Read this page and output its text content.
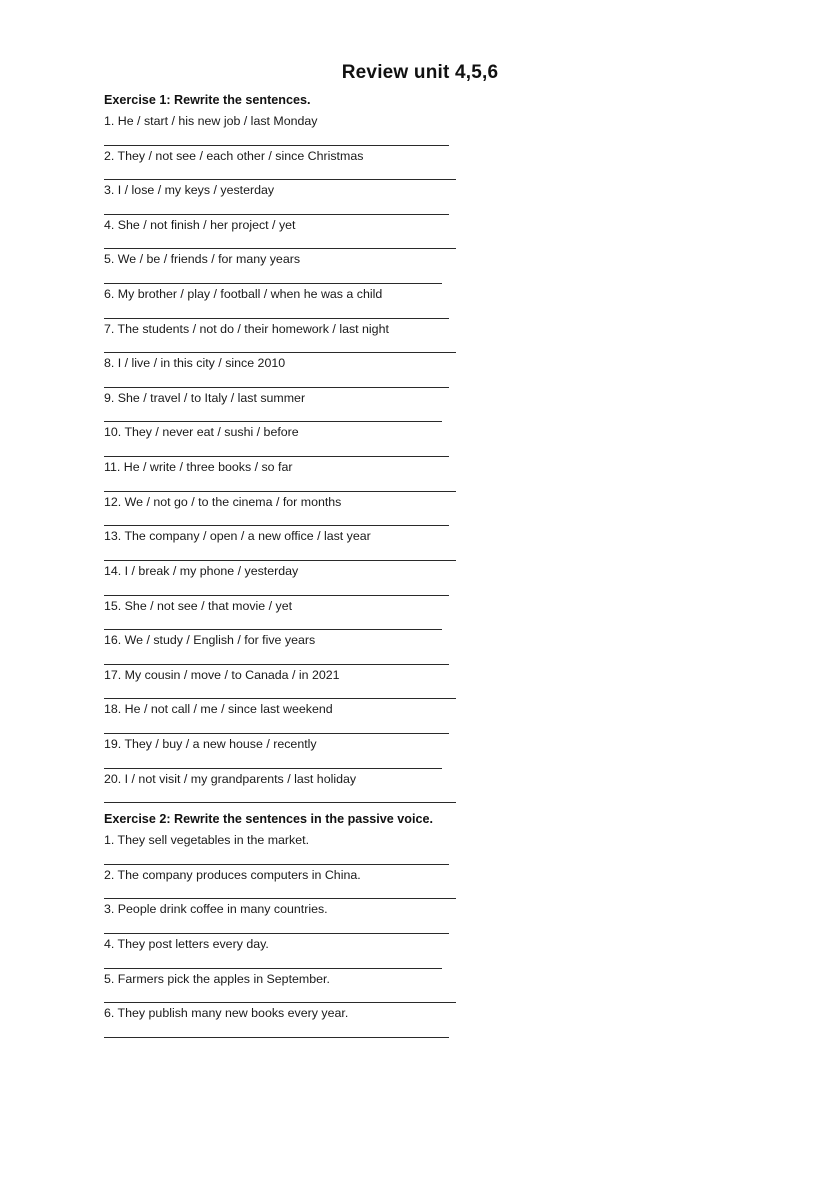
Review unit 4,5,6
Exercise 1: Rewrite the sentences.
1. He / start / his new job / last Monday
2. They / not see / each other / since Christmas
3. I / lose / my keys / yesterday
4. She / not finish / her project / yet
5. We / be / friends / for many years
6. My brother / play / football / when he was a child
7. The students / not do / their homework / last night
8. I / live / in this city / since 2010
9. She / travel / to Italy / last summer
10. They / never eat / sushi / before
11. He / write / three books / so far
12. We / not go / to the cinema / for months
13. The company / open / a new office / last year
14. I / break / my phone / yesterday
15. She / not see / that movie / yet
16. We / study / English / for five years
17. My cousin / move / to Canada / in 2021
18. He / not call / me / since last weekend
19. They / buy / a new house / recently
20. I / not visit / my grandparents / last holiday
Exercise 2: Rewrite the sentences in the passive voice.
1. They sell vegetables in the market.
2. The company produces computers in China.
3. People drink coffee in many countries.
4. They post letters every day.
5. Farmers pick the apples in September.
6. They publish many new books every year.
